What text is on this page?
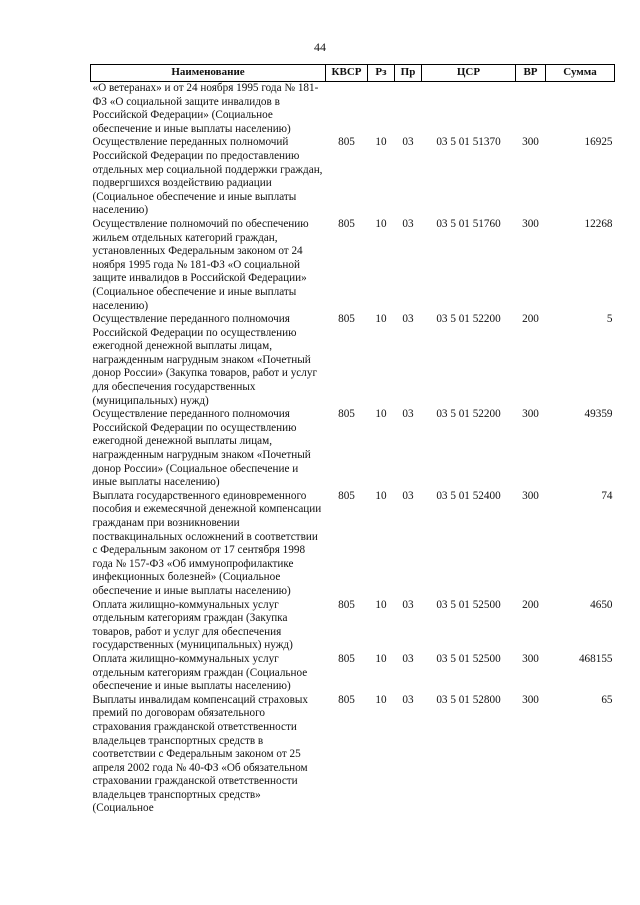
44
Наименование	КВСР	Рз	Пр	ЦСР	ВР	Сумма
«О ветеранах» и от 24 ноября 1995 года № 181-ФЗ «О социальной защите инвалидов в Российской Федерации» (Социальное обеспечение и иные выплаты населению)						
Осуществление переданных полномочий Российской Федерации по предоставлению отдельных мер социальной поддержки граждан, подвергшихся воздействию радиации (Социальное обеспечение и иные выплаты населению)	805	10	03	03 5 01 51370	300	16925
Осуществление полномочий по обеспечению жильем отдельных категорий граждан, установленных Федеральным законом от 24 ноября 1995 года № 181-ФЗ «О социальной защите инвалидов в Российской Федерации» (Социальное обеспечение и иные выплаты населению)	805	10	03	03 5 01 51760	300	12268
Осуществление переданного полномочия Российской Федерации по осуществлению ежегодной денежной выплаты лицам, награжденным нагрудным знаком «Почетный донор России» (Закупка товаров, работ и услуг для обеспечения государственных (муниципальных) нужд)	805	10	03	03 5 01 52200	200	5
Осуществление переданного полномочия Российской Федерации по осуществлению ежегодной денежной выплаты лицам, награжденным нагрудным знаком «Почетный донор России» (Социальное обеспечение и иные выплаты населению)	805	10	03	03 5 01 52200	300	49359
Выплата государственного единовременного пособия и ежемесячной денежной компенсации гражданам при возникновении поствакцинальных осложнений в соответствии с Федеральным законом от 17 сентября 1998 года № 157-ФЗ «Об иммунопрофилактике инфекционных болезней» (Социальное обеспечение и иные выплаты населению)	805	10	03	03 5 01 52400	300	74
Оплата жилищно-коммунальных услуг отдельным категориям граждан (Закупка товаров, работ и услуг для обеспечения государственных (муниципальных) нужд)	805	10	03	03 5 01 52500	200	4650
Оплата жилищно-коммунальных услуг отдельным категориям граждан (Социальное обеспечение и иные выплаты населению)	805	10	03	03 5 01 52500	300	468155
Выплаты инвалидам компенсаций страховых премий по договорам обязательного страхования гражданской ответственности владельцев транспортных средств в соответствии с Федеральным законом от 25 апреля 2002 года № 40-ФЗ «Об обязательном страховании гражданской ответственности владельцев транспортных средств» (Социальное	805	10	03	03 5 01 52800	300	65
